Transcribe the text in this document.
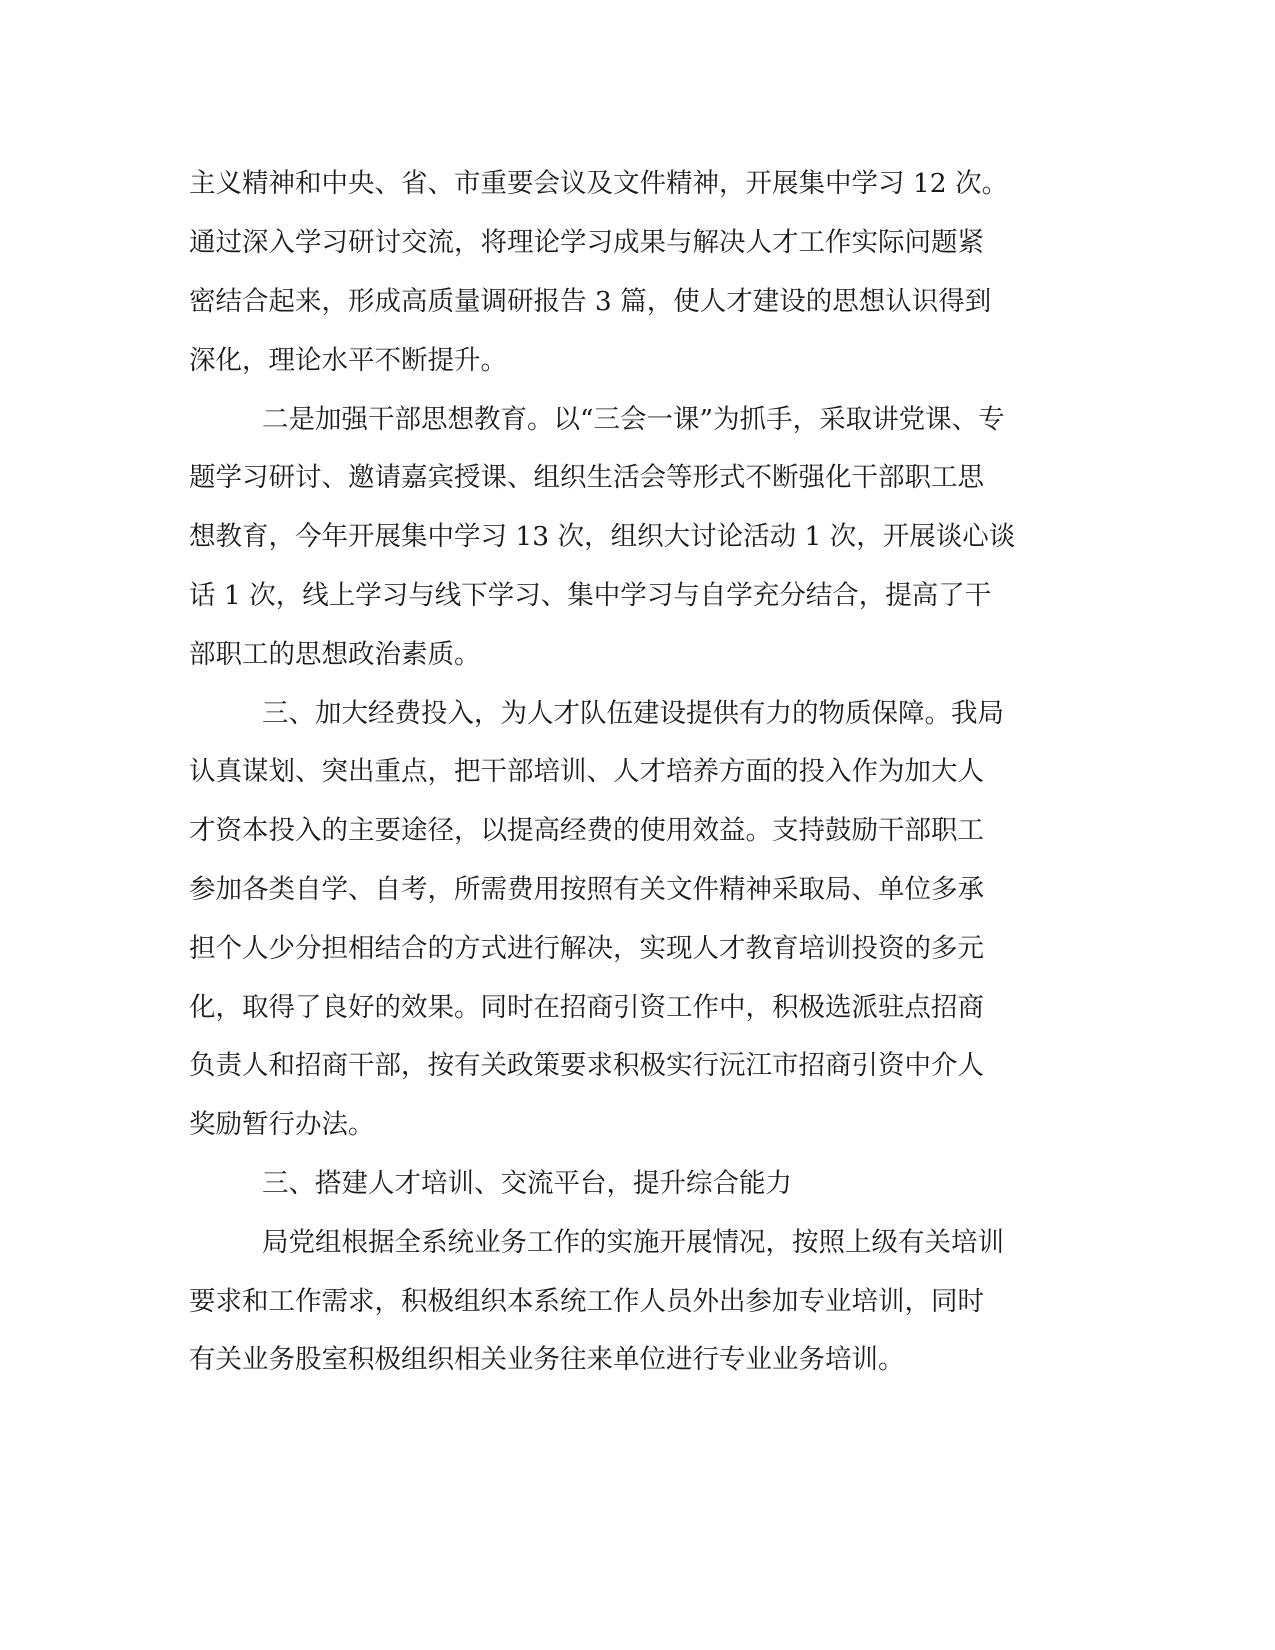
主义精神和中央、省、市重要会议及文件精神，开展集中学习 12 次。
通过深入学习研讨交流，将理论学习成果与解决人才工作实际问题紧
密结合起来，形成高质量调研报告 3 篇，使人才建设的思想认识得到
深化，理论水平不断提升。
二是加强干部思想教育。以“三会一课”为抓手，采取讲党课、专
题学习研讨、邀请嘉宾授课、组织生活会等形式不断强化干部职工思
想教育，今年开展集中学习 13 次，组织大讨论活动 1 次，开展谈心谈
话 1 次，线上学习与线下学习、集中学习与自学充分结合，提高了干
部职工的思想政治素质。
三、加大经费投入，为人才队伍建设提供有力的物质保障。我局
认真谋划、突出重点，把干部培训、人才培养方面的投入作为加大人
才资本投入的主要途径，以提高经费的使用效益。支持鼓励干部职工
参加各类自学、自考，所需费用按照有关文件精神采取局、单位多承
担个人少分担相结合的方式进行解决，实现人才教育培训投资的多元
化，取得了良好的效果。同时在招商引资工作中，积极选派驻点招商
负责人和招商干部，按有关政策要求积极实行沅江市招商引资中介人
奖励暂行办法。
三、搭建人才培训、交流平台，提升综合能力
局党组根据全系统业务工作的实施开展情况，按照上级有关培训
要求和工作需求，积极组织本系统工作人员外出参加专业培训，同时
有关业务股室积极组织相关业务往来单位进行专业业务培训。
